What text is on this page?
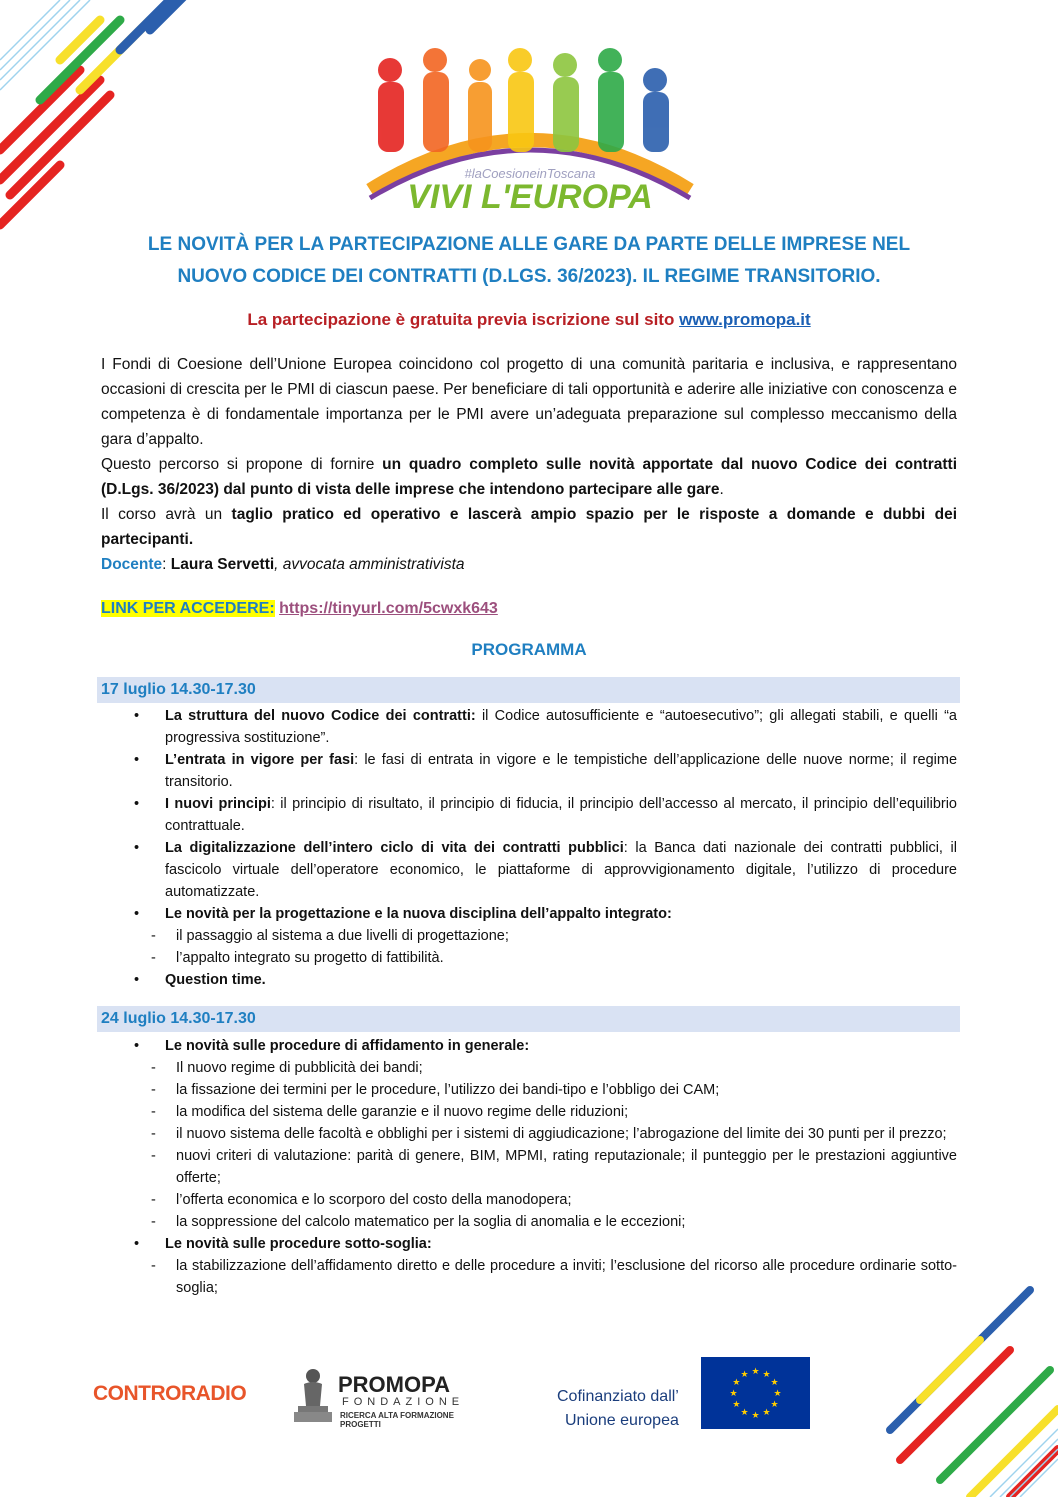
#laCoesioneinToscana
VIVI L'EUROPA
LE NOVITÀ PER LA PARTECIPAZIONE ALLE GARE DA PARTE DELLE IMPRESE NEL
NUOVO CODICE DEI CONTRATTI (D.LGS. 36/2023). IL REGIME TRANSITORIO.
La partecipazione è gratuita previa iscrizione sul sito www.promopa.it

I Fondi di Coesione dell’Unione Europea coincidono col progetto di una comunità paritaria e inclusiva, e rappresentano occasioni di crescita per le PMI di ciascun paese. Per beneficiare di tali opportunità e aderire alle iniziative con conoscenza e competenza è di fondamentale importanza per le PMI avere un’adeguata preparazione sul complesso meccanismo della gara d’appalto.

Questo percorso si propone di fornire un quadro completo sulle novità apportate dal nuovo Codice dei contratti (D.Lgs. 36/2023) dal punto di vista delle imprese che intendono partecipare alle gare.

Il corso avrà un taglio pratico ed operativo e lascerà ampio spazio per le risposte a domande e dubbi dei partecipanti.

Docente: Laura Servetti, avvocata amministrativista

LINK PER ACCEDERE: https://tinyurl.com/5cwxk643
PROGRAMMA
17 luglio 14.30-17.30
• La struttura del nuovo Codice dei contratti: il Codice autosufficiente e “autoesecutivo”; gli allegati stabili, e quelli “a progressiva sostituzione”.
• L’entrata in vigore per fasi: le fasi di entrata in vigore e le tempistiche dell’applicazione delle nuove norme; il regime transitorio.
• I nuovi principi: il principio di risultato, il principio di fiducia, il principio dell’accesso al mercato, il principio dell’equilibrio contrattuale.
• La digitalizzazione dell’intero ciclo di vita dei contratti pubblici: la Banca dati nazionale dei contratti pubblici, il fascicolo virtuale dell’operatore economico, le piattaforme di approvvigionamento digitale, l’utilizzo di procedure automatizzate.
• Le novità per la progettazione e la nuova disciplina dell’appalto integrato:
- il passaggio al sistema a due livelli di progettazione;
- l’appalto integrato su progetto di fattibilità.
• Question time.
24 luglio 14.30-17.30
• Le novità sulle procedure di affidamento in generale:
- Il nuovo regime di pubblicità dei bandi;
- la fissazione dei termini per le procedure, l’utilizzo dei bandi-tipo e l’obbligo dei CAM;
- la modifica del sistema delle garanzie e il nuovo regime delle riduzioni;
- il nuovo sistema delle facoltà e obblighi per i sistemi di aggiudicazione; l’abrogazione del limite dei 30 punti per il prezzo;
- nuovi criteri di valutazione: parità di genere, BIM, MPMI, rating reputazionale; il punteggio per le prestazioni aggiuntive offerte;
- l’offerta economica e lo scorporo del costo della manodopera;
- la soppressione del calcolo matematico per la soglia di anomalia e le eccezioni;
• Le novità sulle procedure sotto-soglia:
- la stabilizzazione dell’affidamento diretto e delle procedure a inviti; l’esclusione del ricorso alle procedure ordinarie sotto-soglia;
CONTRORADIO	PROMOPA
FONDAZIONE
RICERCA ALTA FORMAZIONE PROGETTI
Cofinanziato dall’
Unione europea
★
★
★
★
★
★
★
★
★ ★ ★
★
